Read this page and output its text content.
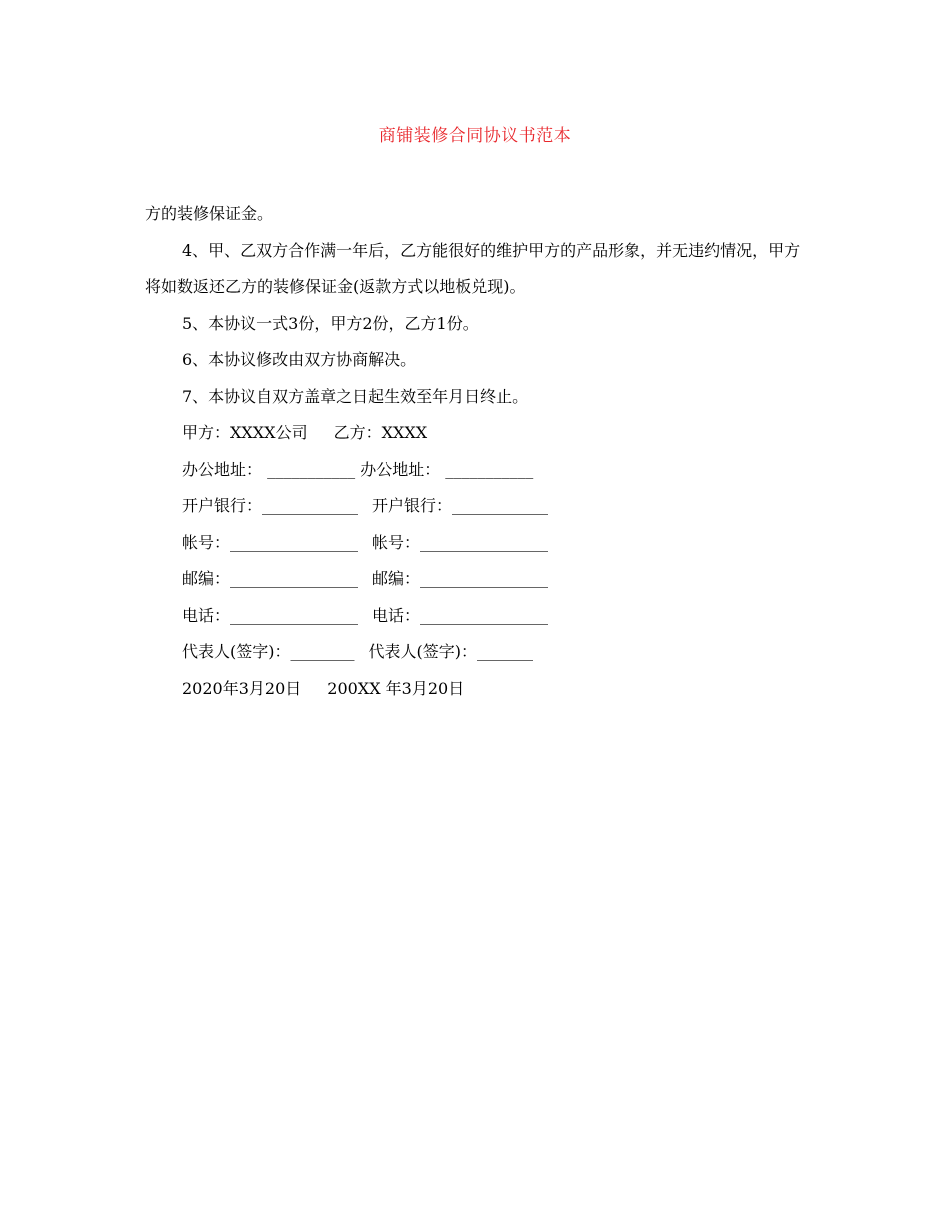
商铺装修合同协议书范本

方的装修保证金。

4、甲、乙双方合作满一年后，乙方能很好的维护甲方的产品形象，并无违约情况，甲方将如数返还乙方的装修保证金(返款方式以地板兑现)。

5、本协议一式3份，甲方2份，乙方1份。

6、本协议修改由双方协商解决。

7、本协议自双方盖章之日起生效至年月日终止。

甲方：XXXX公司 乙方：XXXX

办公地址： ___________ 办公地址： ___________

开户银行：____________ 开户银行：____________

帐号：________________ 帐号：________________

邮编：________________ 邮编：________________

电话：________________ 电话：________________

代表人(签字)：________ 代表人(签字)：_______

2020年3月20日 200XX 年3月20日
